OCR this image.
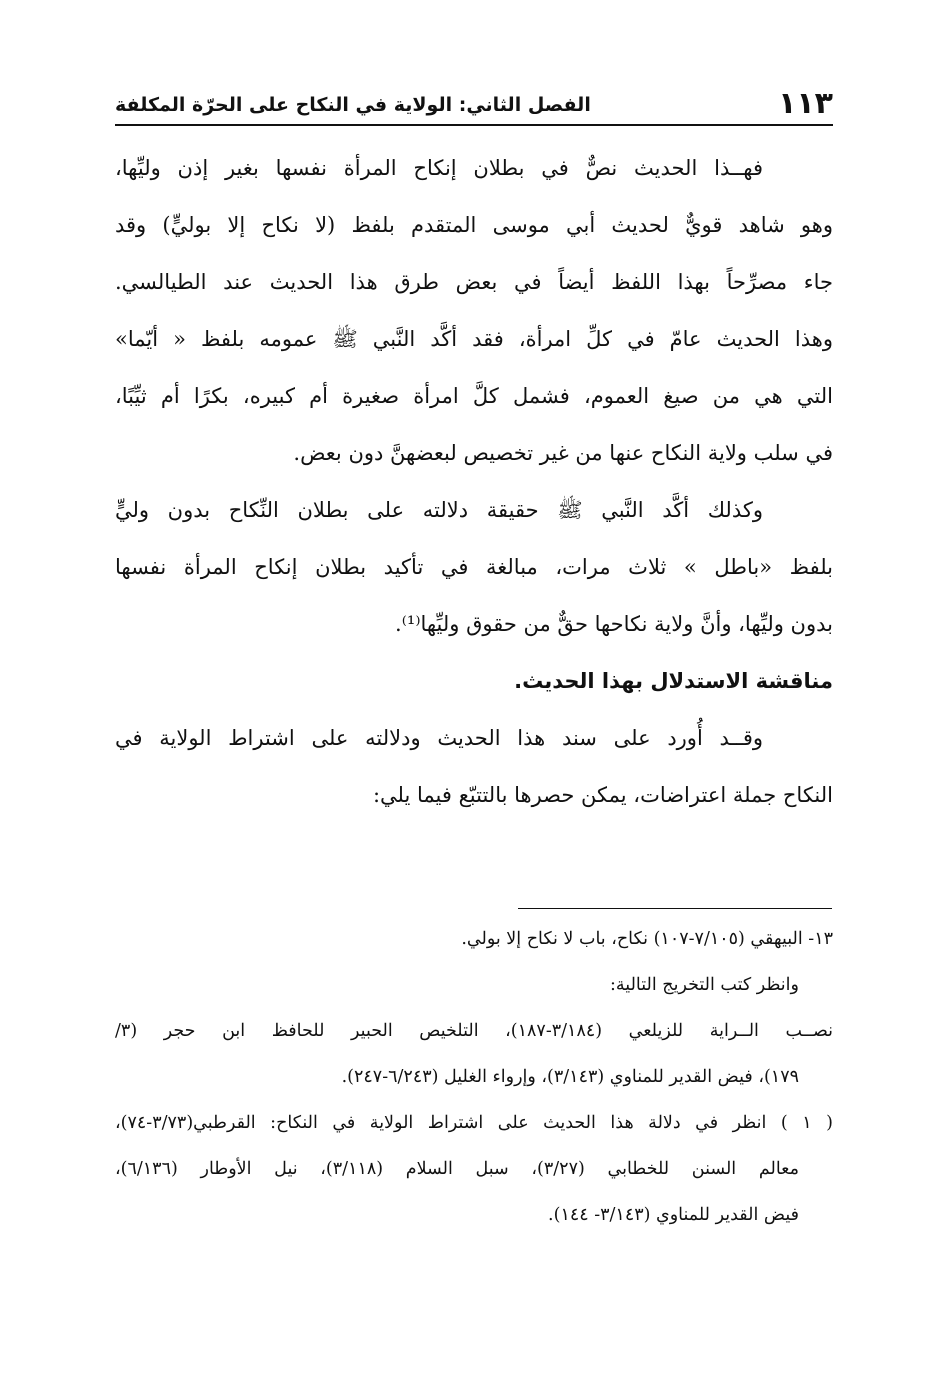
١١٣
الفصل الثاني: الولاية في النكاح على الحرّة المكلفة
فهــذا الحديث نصٌّ في بطلان إنكاح المرأة نفسها بغير إذن وليِّها،
وهو شاهد قويٌّ لحديث أبي موسى المتقدم بلفظ (لا نكاح إلا بوليٍّ) وقد
جاء مصرِّحاً بهذا اللفظ أيضاً في بعض طرق هذا الحديث عند الطيالسي.
وهذا الحديث عامّ في كلِّ امرأة، فقد أكَّد النَّبي ﷺ عمومه بلفظ « أيّما»
التي هي من صيغ العموم، فشمل كلَّ امرأة صغيرة أم كبيره، بكرًا أم ثيِّبًا،
في سلب ولاية النكاح عنها من غير تخصيص لبعضهنَّ دون بعض.
وكذلك أكَّد النَّبي ﷺ حقيقة دلالته على بطلان النِّكاح بدون وليٍّ
بلفظ «باطل » ثلاث مرات، مبالغة في تأكيد بطلان إنكاح المرأة نفسها
بدون وليِّها، وأنَّ ولاية نكاحها حقٌّ من حقوق وليِّها⁽¹⁾.
مناقشة الاستدلال بهذا الحديث.
وقــد أُورد على سند هذا الحديث ودلالته على اشتراط الولاية في
النكاح جملة اعتراضات، يمكن حصرها بالتتبّع فيما يلي:
١٣- البيهقي (٧/١٠٥-١٠٧) نكاح، باب لا نكاح إلا بولي.
وانظر كتب التخريج التالية:
نصــب الــراية للزيلعي (٣/١٨٤-١٨٧)، التلخيص الحبير للحافظ ابن حجر (٣/
١٧٩)، فيض القدير للمناوي (٣/١٤٣)، وإرواء الغليل (٦/٢٤٣-٢٤٧).
( ١ ) انظر في دلالة هذا الحديث على اشتراط الولاية في النكاح: القرطبي(٣/٧٣-٧٤)،
معالم السنن للخطابي (٣/٢٧)، سبل السلام (٣/١١٨)، نيل الأوطار (٦/١٣٦)،
فيض القدير للمناوي (٣/١٤٣- ١٤٤).
